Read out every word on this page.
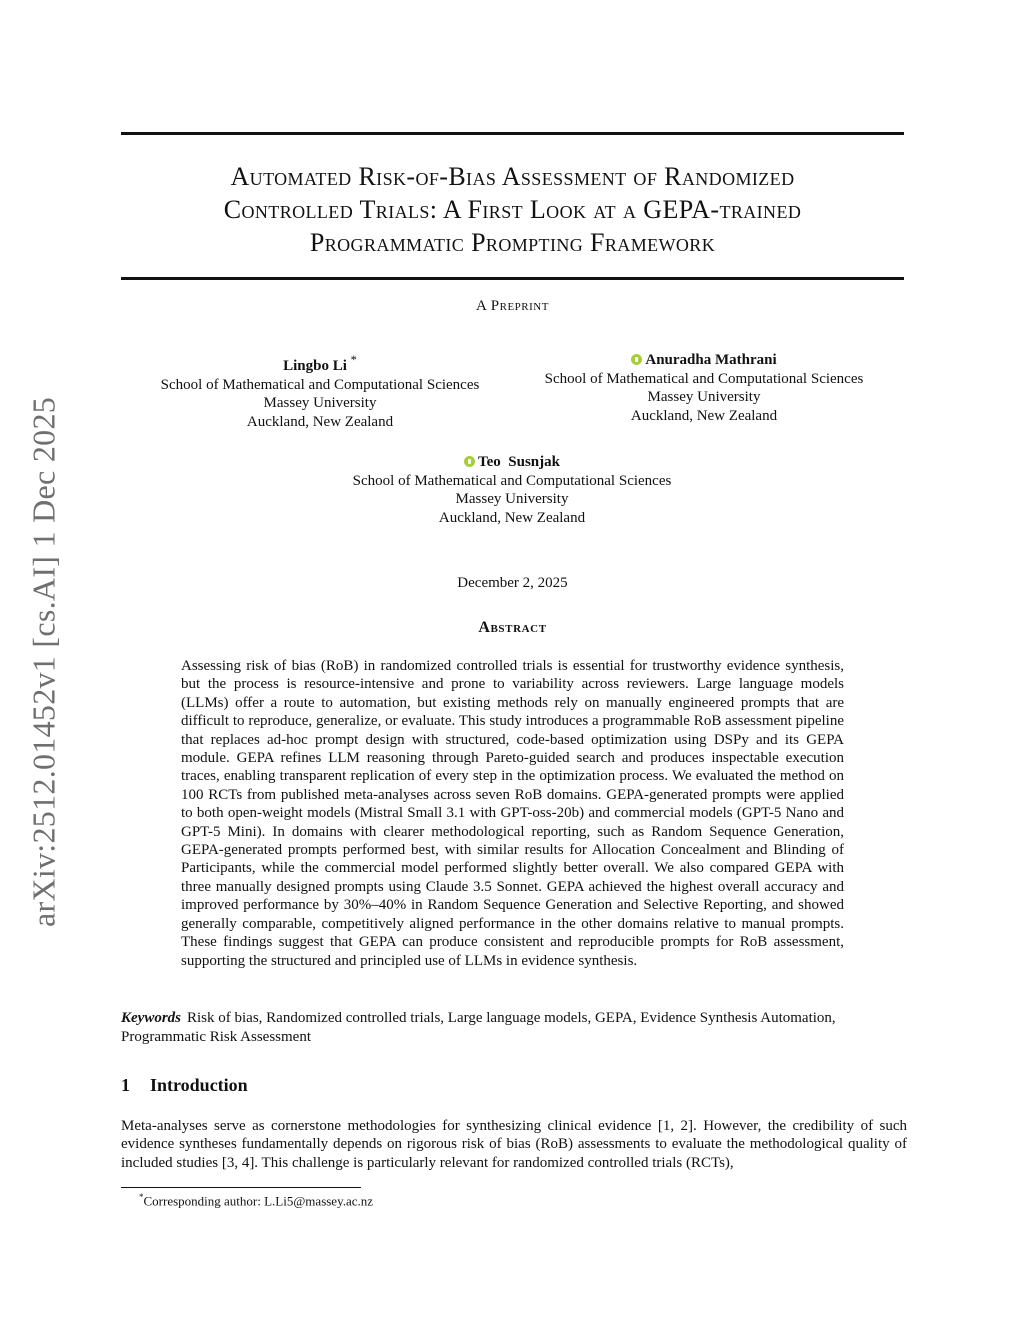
arXiv:2512.01452v1 [cs.AI] 1 Dec 2025
Automated Risk-of-Bias Assessment of Randomized
Controlled Trials: A First Look at a GEPA-trained
Programmatic Prompting Framework
A Preprint
Lingbo Li *
School of Mathematical and Computational Sciences
Massey University
Auckland, New Zealand
Anuradha Mathrani
School of Mathematical and Computational Sciences
Massey University
Auckland, New Zealand
Teo  Susnjak
School of Mathematical and Computational Sciences
Massey University
Auckland, New Zealand
December 2, 2025
Abstract
Assessing risk of bias (RoB) in randomized controlled trials is essential for trustworthy evidence synthesis, but the process is resource-intensive and prone to variability across reviewers. Large language models (LLMs) offer a route to automation, but existing methods rely on manually engineered prompts that are difficult to reproduce, generalize, or evaluate. This study introduces a programmable RoB assessment pipeline that replaces ad-hoc prompt design with structured, code-based optimization using DSPy and its GEPA module. GEPA refines LLM reasoning through Pareto-guided search and produces inspectable execution traces, enabling transparent replication of every step in the optimization process. We evaluated the method on 100 RCTs from published meta-analyses across seven RoB domains. GEPA-generated prompts were applied to both open-weight models (Mistral Small 3.1 with GPT-oss-20b) and commercial models (GPT-5 Nano and GPT-5 Mini). In domains with clearer methodological reporting, such as Random Sequence Generation, GEPA-generated prompts performed best, with similar results for Allocation Concealment and Blinding of Participants, while the commercial model performed slightly better overall. We also compared GEPA with three manually designed prompts using Claude 3.5 Sonnet. GEPA achieved the highest overall accuracy and improved performance by 30%–40% in Random Sequence Generation and Selective Reporting, and showed generally comparable, competitively aligned performance in the other domains relative to manual prompts. These findings suggest that GEPA can produce consistent and reproducible prompts for RoB assessment, supporting the structured and principled use of LLMs in evidence synthesis.
Keywords Risk of bias, Randomized controlled trials, Large language models, GEPA, Evidence Synthesis Automation, Programmatic Risk Assessment
1 Introduction
Meta-analyses serve as cornerstone methodologies for synthesizing clinical evidence [1, 2]. However, the credibility of such evidence syntheses fundamentally depends on rigorous risk of bias (RoB) assessments to evaluate the methodological quality of included studies [3, 4]. This challenge is particularly relevant for randomized controlled trials (RCTs),
*Corresponding author: L.Li5@massey.ac.nz
